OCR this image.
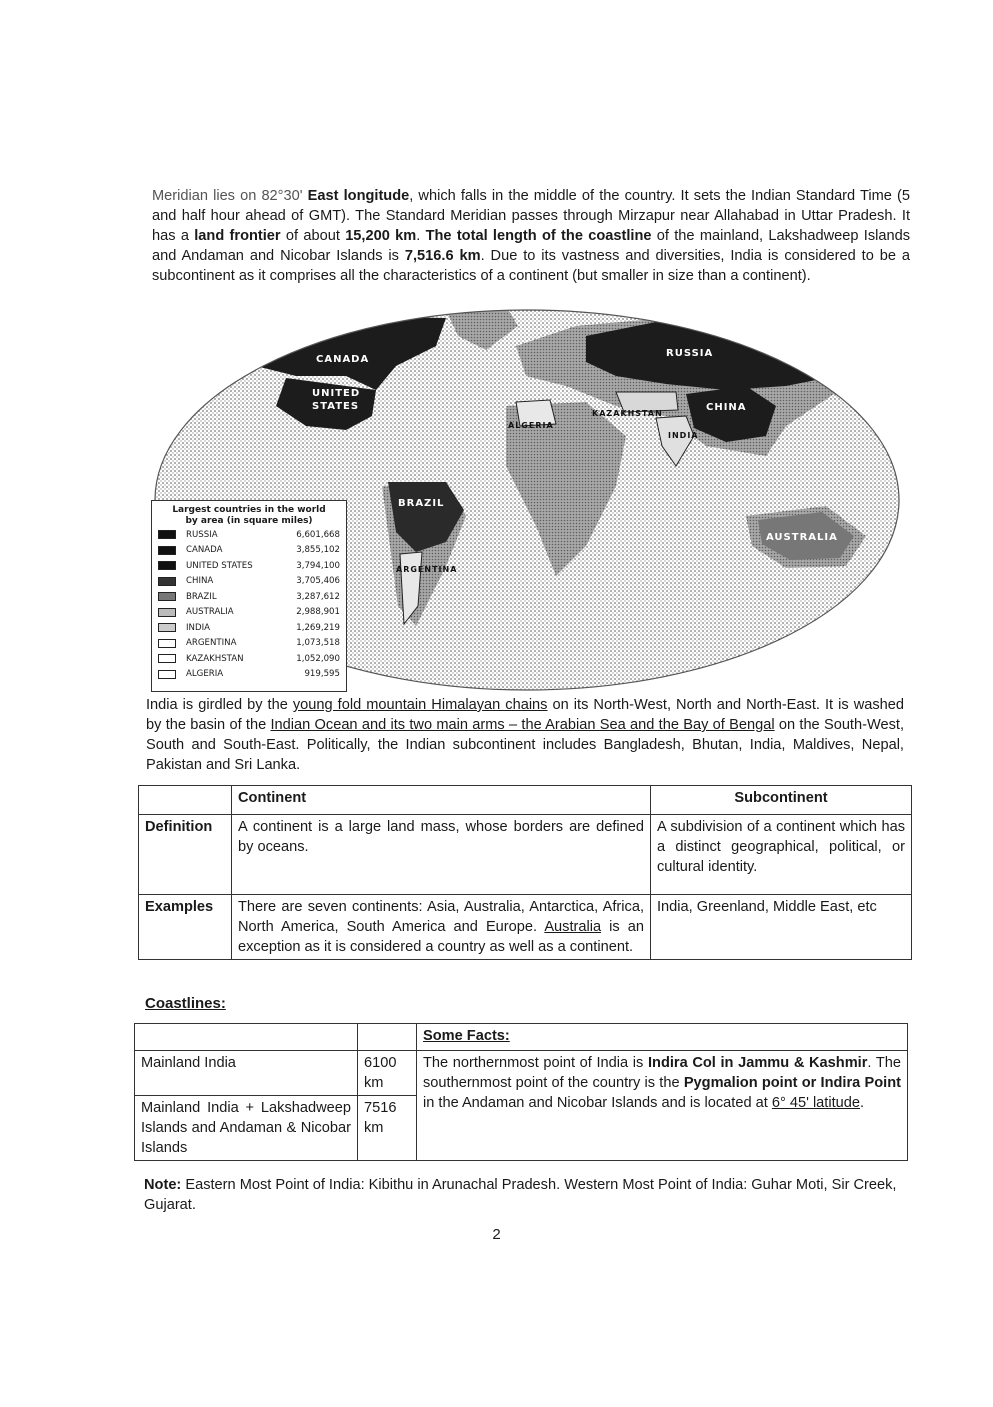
Meridian lies on 82°30' East longitude, which falls in the middle of the country. It sets the Indian Standard Time (5 and half hour ahead of GMT). The Standard Meridian passes through Mirzapur near Allahabad in Uttar Pradesh. It has a land frontier of about 15,200 km. The total length of the coastline of the mainland, Lakshadweep Islands and Andaman and Nicobar Islands is 7,516.6 km. Due to its vastness and diversities, India is considered to be a subcontinent as it comprises all the characteristics of a continent (but smaller in size than a continent).

CANADA
UNITED
STATES
RUSSIA
CHINA
KAZAKHSTAN
INDIA
ALGERIA
BRAZIL
ARGENTINA
AUSTRALIA
Largest countries in the world
by area (in square miles)
RUSSIA	6,601,668
CANADA	3,855,102
UNITED STATES	3,794,100
CHINA	3,705,406
BRAZIL	3,287,612
AUSTRALIA	2,988,901
INDIA	1,269,219
ARGENTINA	1,073,518
KAZAKHSTAN	1,052,090
ALGERIA	919,595

India is girdled by the young fold mountain Himalayan chains on its North-West, North and North-East. It is washed by the basin of the Indian Ocean and its two main arms – the Arabian Sea and the Bay of Bengal on the South-West, South and South-East. Politically, the Indian subcontinent includes Bangladesh, Bhutan, India, Maldives, Nepal, Pakistan and Sri Lanka.

	Continent	Subcontinent
Definition	A continent is a large land mass, whose borders are defined by oceans.	A subdivision of a continent which has a distinct geographical, political, or cultural identity.
Examples	There are seven continents: Asia, Australia, Antarctica, Africa, North America, South America and Europe. Australia is an exception as it is considered a country as well as a continent.	India, Greenland, Middle East, etc
Coastlines:
		Some Facts:
Mainland India	6100 km	The northernmost point of India is Indira Col in Jammu & Kashmir. The southernmost point of the country is the Pygmalion point or Indira Point in the Andaman and Nicobar Islands and is located at 6° 45' latitude.
Mainland India + Lakshadweep Islands and Andaman & Nicobar Islands	7516 km	

Note: Eastern Most Point of India: Kibithu in Arunachal Pradesh. Western Most Point of India: Guhar Moti, Sir Creek, Gujarat.

2
